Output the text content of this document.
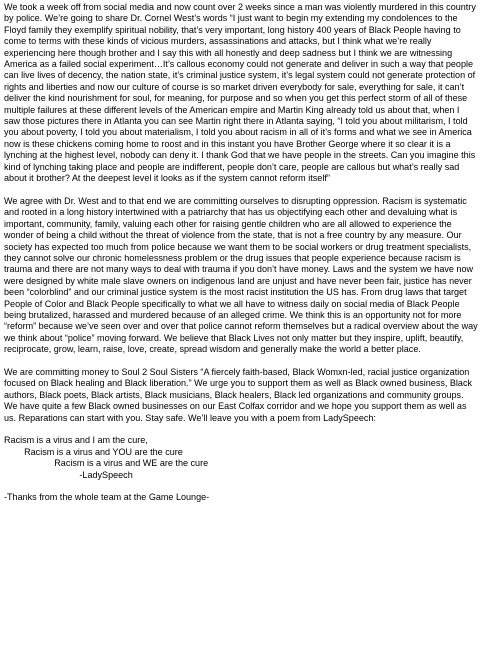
We took a week off from social media and now count over 2 weeks since a man was violently murdered in this country by police. We’re going to share Dr. Cornel West’s words “I just want to begin my extending my condolences to the Floyd family they exemplify spiritual nobility, that’s very important, long history 400 years of Black People having to come to terms with these kinds of vicious murders, assassinations and attacks, but I think what we’re really experiencing here though brother and I say this with all honestly and deep sadness but I think we are witnessing America as a failed social experiment…It’s callous economy could not generate and deliver in such a way that people can live lives of decency, the nation state, it’s criminal justice system, it’s legal system could not generate protection of rights and liberties and now our culture of course is so market driven everybody for sale, everything for sale, it can’t deliver the kind nourishment for soul, for meaning, for purpose and so when you get this perfect storm of all of these multiple failures at these different levels of the American empire and Martin King already told us about that, when I saw those pictures there in Atlanta you can see Martin right there in Atlanta saying, “I told you about militarism, I told you about poverty, I told you about materialism, I told you about racism in all of it’s forms and what we see in America now is these chickens coming home to roost and in this instant you have Brother George where it so clear it is a lynching at the highest level, nobody can deny it. I thank God that we have people in the streets. Can you imagine this kind of lynching taking place and people are indifferent, people don’t care, people are callous but what’s really sad about it brother? At the deepest level it looks as if the system cannot reform itself”

We agree with Dr. West and to that end we are committing ourselves to disrupting oppression. Racism is systematic and rooted in a long history intertwined with a patriarchy that has us objectifying each other and devaluing what is important, community, family, valuing each other for raising gentle children who are all allowed to experience the wonder of being a child without the threat of violence from the state, that is not a free country by any measure. Our society has expected too much from police because we want them to be social workers or drug treatment specialists, they cannot solve our chronic homelessness problem or the drug issues that people experience because racism is trauma and there are not many ways to deal with trauma if you don’t have money. Laws and the system we have now were designed by white male slave owners on indigenous land are unjust and have never been fair, justice has never been “colorblind” and our criminal justice system is the most racist institution the US has. From drug laws that target People of Color and Black People specifically to what we all have to witness daily on social media of Black People being brutalized, harassed and murdered because of an alleged crime. We think this is an opportunity not for more “reform” because we’ve seen over and over that police cannot reform themselves but a radical overview about the way we think about “police” moving forward. We believe that Black Lives not only matter but they inspire, uplift, beautify, reciprocate, grow, learn, raise, love, create, spread wisdom and generally make the world a better place.

We are committing money to Soul 2 Soul Sisters “A fiercely faith-based, Black Womxn-led, racial justice organization focused on Black healing and Black liberation.” We urge you to support them as well as Black owned business, Black authors, Black poets, Black artists, Black musicians, Black healers, Black led organizations and community groups. We have quite a few Black owned businesses on our East Colfax corridor and we hope you support them as well as us. Reparations can start with you. Stay safe. We’ll leave you with a poem from LadySpeech:

Racism is a virus and I am the cure,

Racism is a virus and YOU are the cure

Racism is a virus and WE are the cure

-LadySpeech

-Thanks from the whole team at the Game Lounge-
